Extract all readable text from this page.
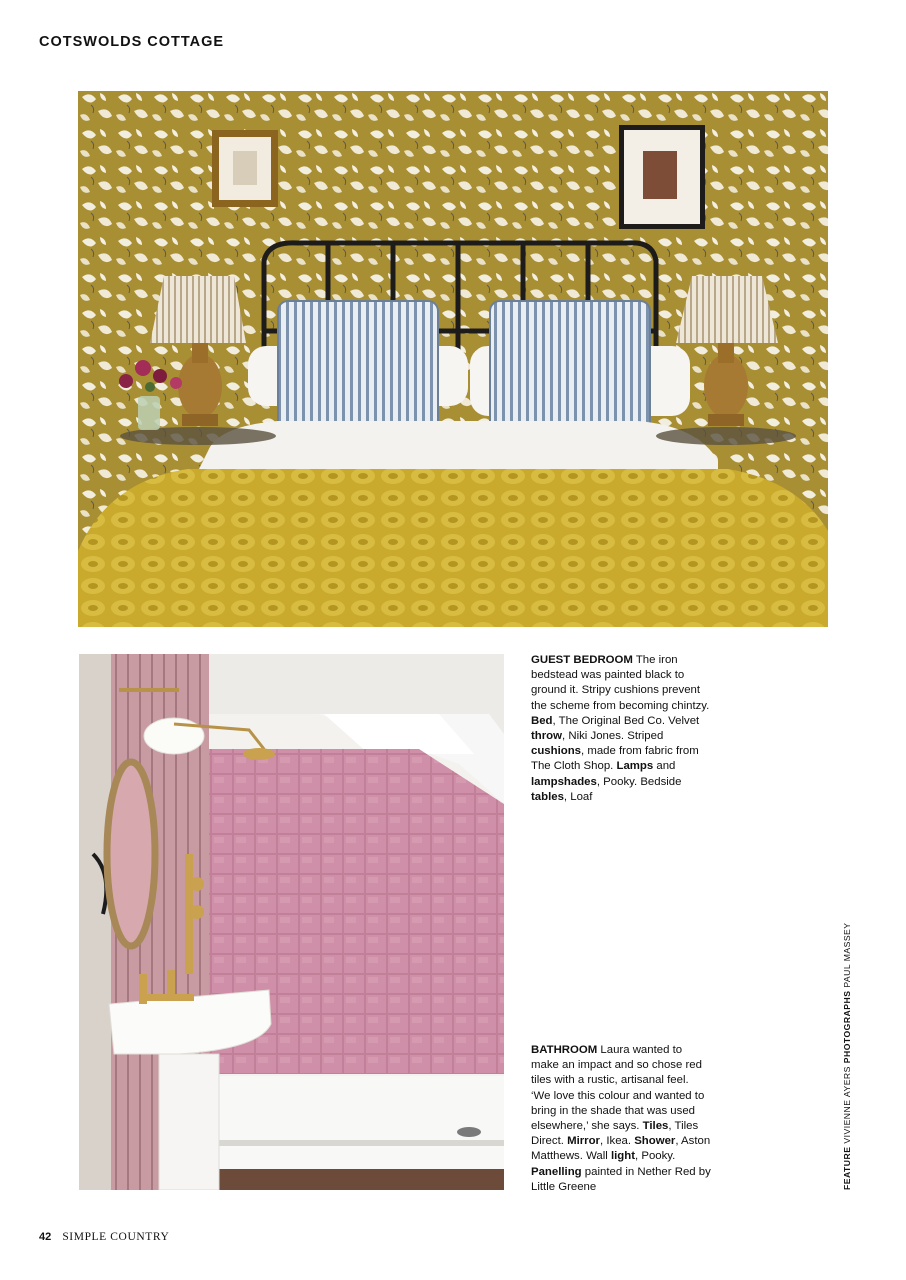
COTSWOLDS COTTAGE
GUEST BEDROOM The iron bedstead was painted black to ground it. Stripy cushions prevent the scheme from becoming chintzy. Bed, The Original Bed Co. Velvet throw, Niki Jones. Striped cushions, made from fabric from The Cloth Shop. Lamps and lampshades, Pooky. Bedside tables, Loaf
BATHROOM Laura wanted to make an impact and so chose red tiles with a rustic, artisanal feel. ‘We love this colour and wanted to bring in the shade that was used elsewhere,’ she says. Tiles, Tiles Direct. Mirror, Ikea. Shower, Aston Matthews. Wall light, Pooky. Panelling painted in Nether Red by Little Greene	FEATURE VIVIENNE AYERS PHOTOGRAPHS PAUL MASSEY
42 SIMPLE COUNTRY
